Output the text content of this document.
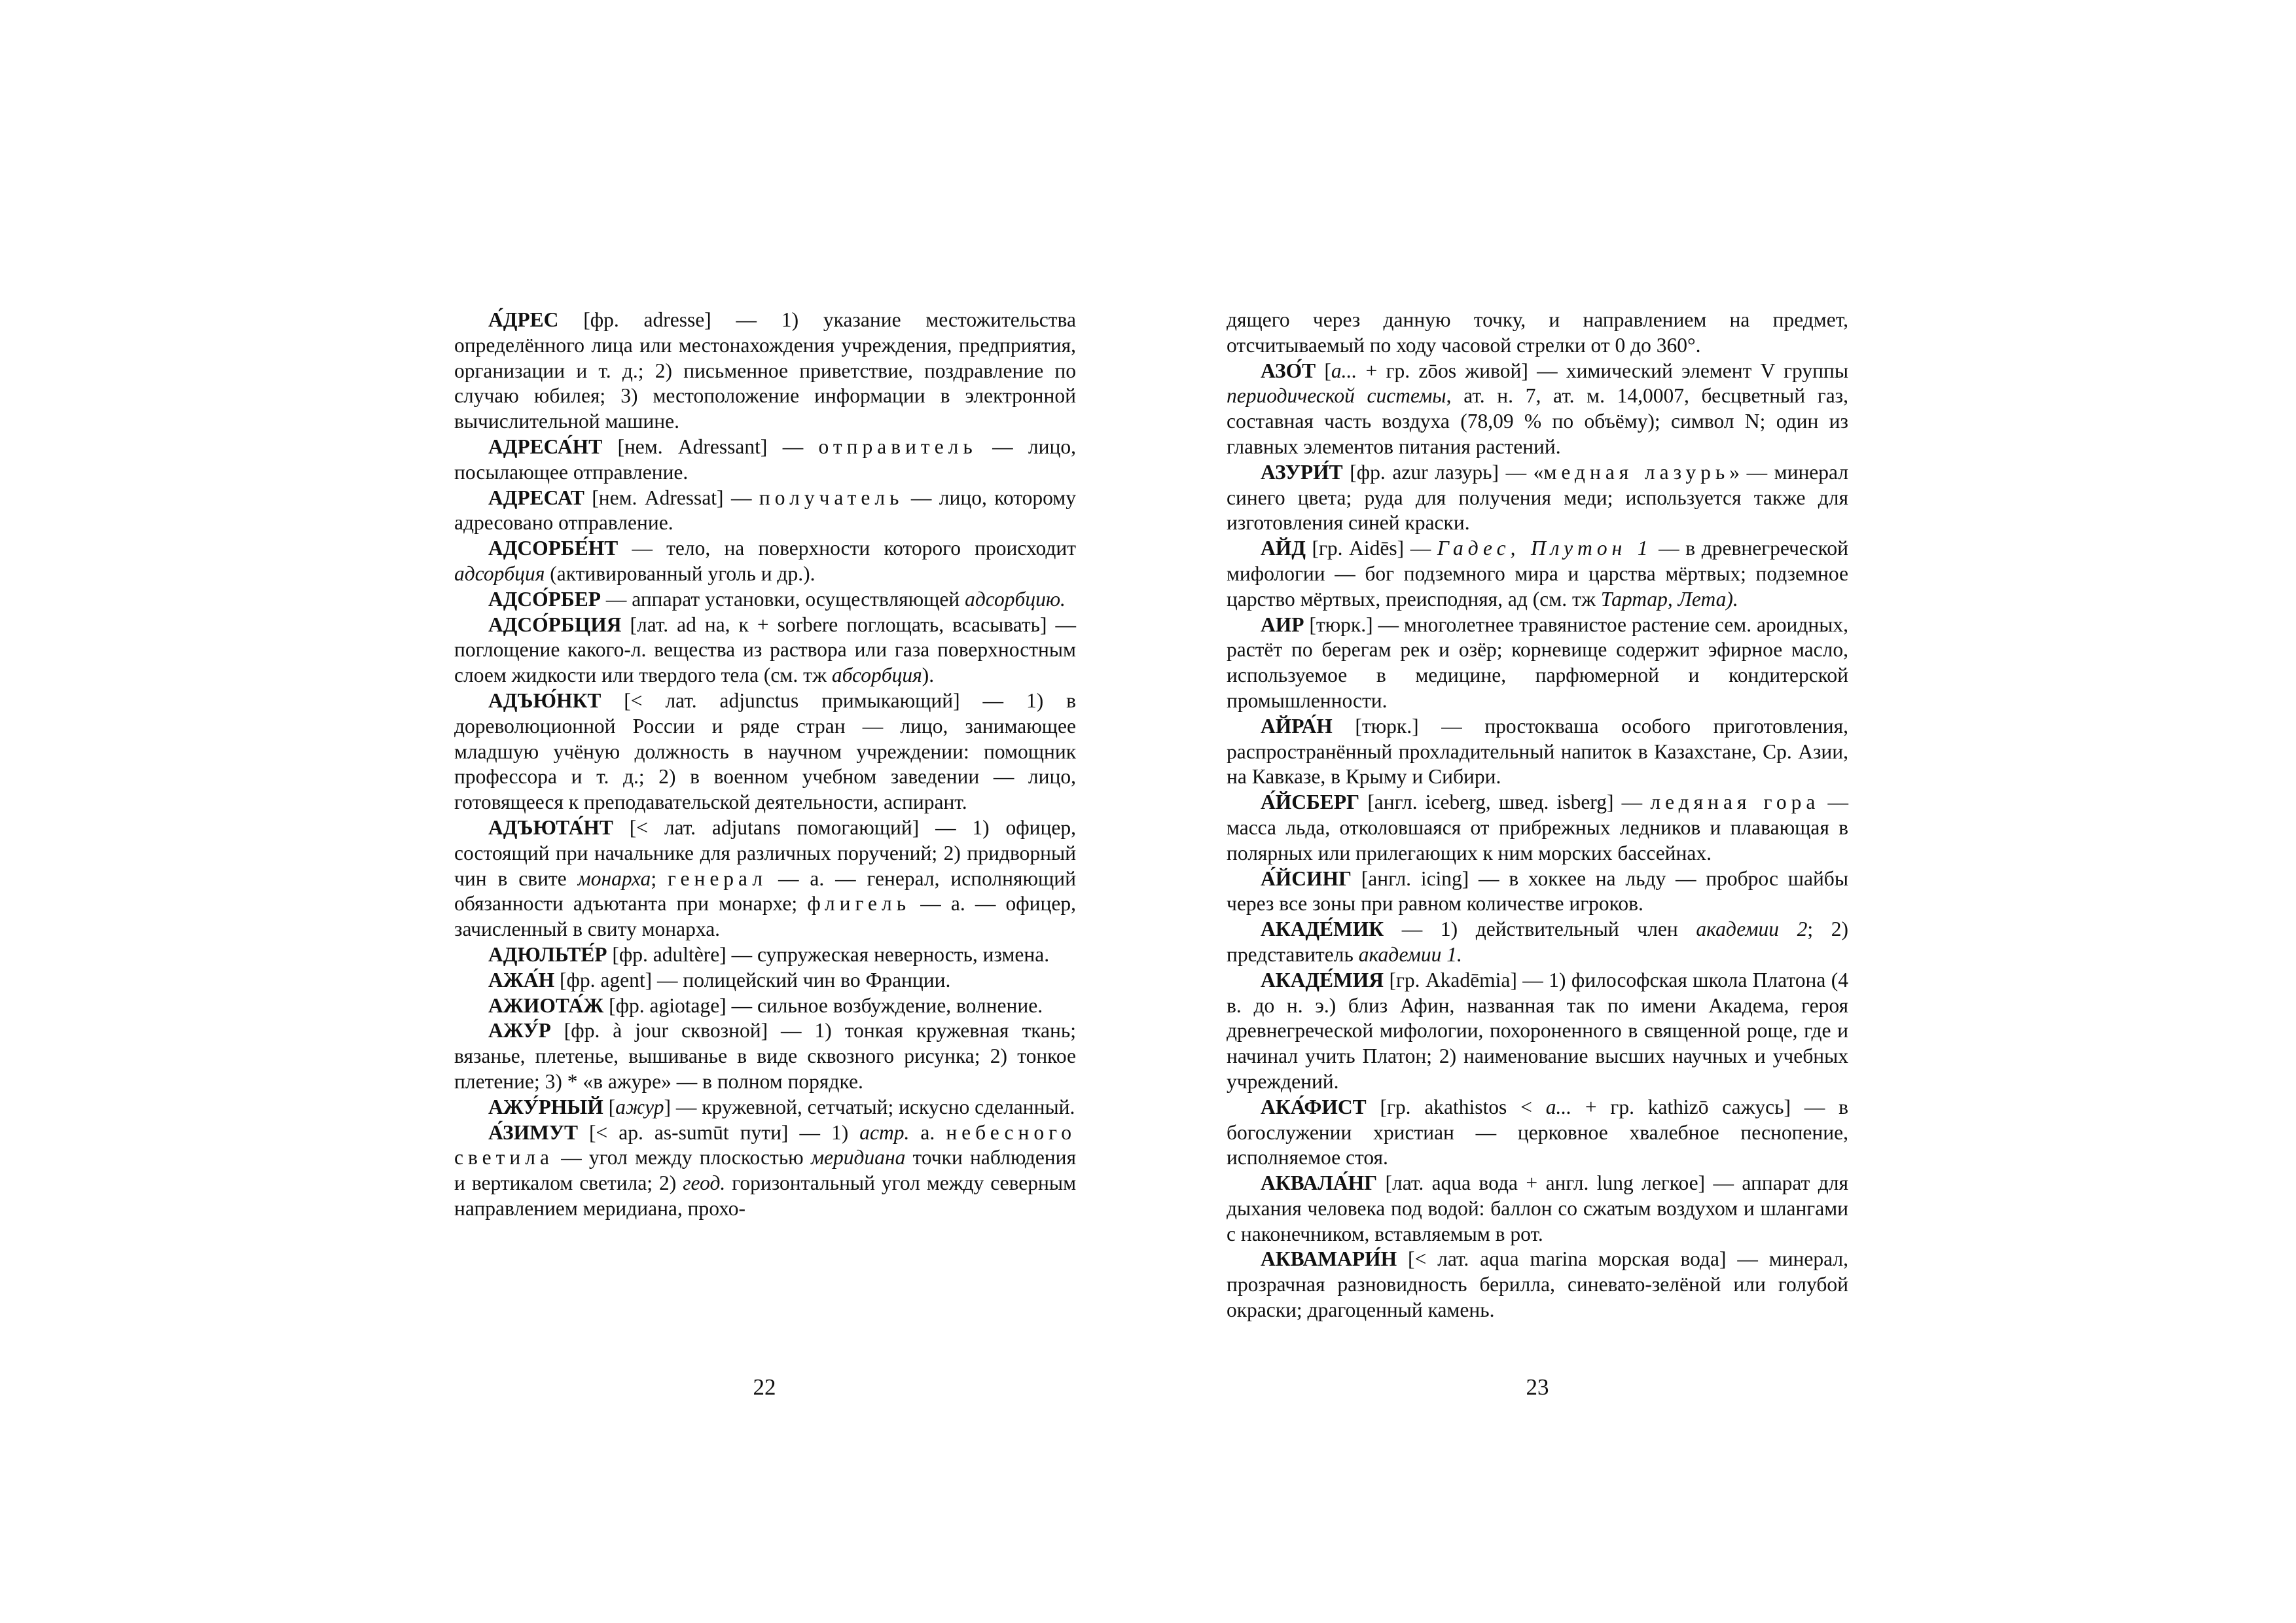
А́ДРЕС [фр. adresse] — 1) указание местожительства определённого лица или местонахождения учреждения, предприятия, организации и т. д.; 2) письменное приветствие, поздравление по случаю юбилея; 3) местоположение информации в электронной вычислительной машине.

АДРЕСА́НТ [нем. Adressant] — отправитель — лицо, посылающее отправление.

АДРЕСАТ [нем. Adressat] — получатель — лицо, которому адресовано отправление.

АДСОРБЕ́НТ — тело, на поверхности которого происходит адсорбция (активированный уголь и др.).

АДСО́РБЕР — аппарат установки, осуществляющей адсорбцию.

АДСО́РБЦИЯ [лат. ad на, к + sorbere поглощать, всасывать] — поглощение какого-л. вещества из раствора или газа поверхностным слоем жидкости или твердого тела (см. тж абсорбция).

АДЪЮ́НКТ [< лат. adjunctus примыкающий] — 1) в дореволюционной России и ряде стран — лицо, занимающее младшую учёную должность в научном учреждении: помощник профессора и т. д.; 2) в военном учебном заведении — лицо, готовящееся к преподавательской деятельности, аспирант.

АДЪЮТА́НТ [< лат. adjutans помогающий] — 1) офицер, состоящий при начальнике для различных поручений; 2) придворный чин в свите монарха; генерал — а. — генерал, исполняющий обязанности адъютанта при монархе; флигель — а. — офицер, зачисленный в свиту монарха.

АДЮЛЬТЕ́Р [фр. adultère] — супружеская неверность, измена.

АЖА́Н [фр. agent] — полицейский чин во Франции.

АЖИОТА́Ж [фр. agiotage] — сильное возбуждение, волнение.

АЖУ́Р [фр. à jour сквозной] — 1) тонкая кружевная ткань; вязанье, плетенье, вышиванье в виде сквозного рисунка; 2) тонкое плетение; 3) * «в ажуре» — в полном порядке.

АЖУ́РНЫЙ [ажур] — кружевной, сетчатый; искусно сделанный.

А́ЗИМУТ [< ар. as-sumūt пути] — 1) астр. а. небесного светила — угол между плоскостью меридиана точки наблюдения и вертикалом светила; 2) геод. горизонтальный угол между северным направлением меридиана, прохо-

22

дящего через данную точку, и направлением на предмет, отсчитываемый по ходу часовой стрелки от 0 до 360°.

АЗО́Т [а... + гр. zōos живой] — химический элемент V группы периодической системы, ат. н. 7, ат. м. 14,0007, бесцветный газ, составная часть воздуха (78,09 % по объёму); символ N; один из главных элементов питания растений.

АЗУРИ́Т [фр. azur лазурь] — «медная лазурь» — минерал синего цвета; руда для получения меди; используется также для изготовления синей краски.

АЙД [гр. Aidēs] — Гадес, Плутон 1 — в древнегреческой мифологии — бог подземного мира и царства мёртвых; подземное царство мёртвых, преисподняя, ад (см. тж Тартар, Лета).

АИР [тюрк.] — многолетнее травянистое растение сем. ароидных, растёт по берегам рек и озёр; корневище содержит эфирное масло, используемое в медицине, парфюмерной и кондитерской промышленности.

АЙРА́Н [тюрк.] — простокваша особого приготовления, распространённый прохладительный напиток в Казахстане, Ср. Азии, на Кавказе, в Крыму и Сибири.

А́ЙСБЕРГ [англ. iceberg, швед. isberg] — ледяная гора — масса льда, отколовшаяся от прибрежных ледников и плавающая в полярных или прилегающих к ним морских бассейнах.

А́ЙСИНГ [англ. icing] — в хоккее на льду — проброс шайбы через все зоны при равном количестве игроков.

АКАДЕ́МИК — 1) действительный член академии 2; 2) представитель академии 1.

АКАДЕ́МИЯ [гр. Akadēmia] — 1) философская школа Платона (4 в. до н. э.) близ Афин, названная так по имени Академа, героя древнегреческой мифологии, похороненного в священной роще, где и начинал учить Платон; 2) наименование высших научных и учебных учреждений.

АКА́ФИСТ [гр. akathistos < а... + гр. kathizō сажусь] — в богослужении христиан — церковное хвалебное песнопение, исполняемое стоя.

АКВАЛА́НГ [лат. aqua вода + англ. lung легкое] — аппарат для дыхания человека под водой: баллон со сжатым воздухом и шлангами с наконечником, вставляемым в рот.

АКВАМАРИ́Н [< лат. aqua marina морская вода] — минерал, прозрачная разновидность берилла, синевато-зелёной или голубой окраски; драгоценный камень.

23
